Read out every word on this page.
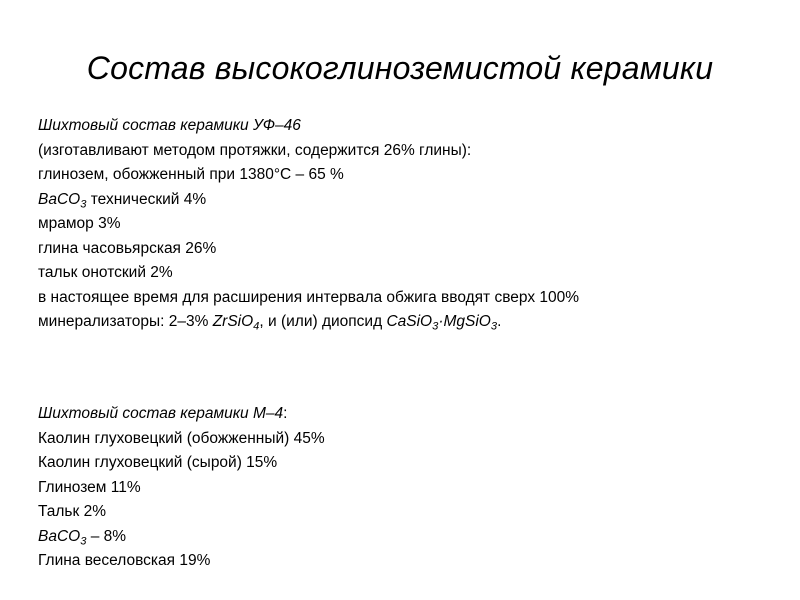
Состав высокоглиноземистой керамики
Шихтовый состав керамики УФ–46
(изготавливают методом протяжки, содержится 26% глины):
глинозем, обожженный при 1380°С – 65 %
BaCO$_3$ технический 4%
мрамор 3%
глина часовьярская 26%
тальк онотский 2%
в настоящее время для расширения интервала обжига вводят сверх 100%
минерализаторы: 2–3% ZrSiO$_4$, и (или) диопсид CaSiO$_3$·MgSiO$_3$.
Шихтовый состав керамики М–4:
Каолин глуховецкий (обожженный) 45%
Каолин глуховецкий (сырой) 15%
Глинозем 11%
Тальк 2%
BaCO$_3$ – 8%
Глина веселовская 19%
